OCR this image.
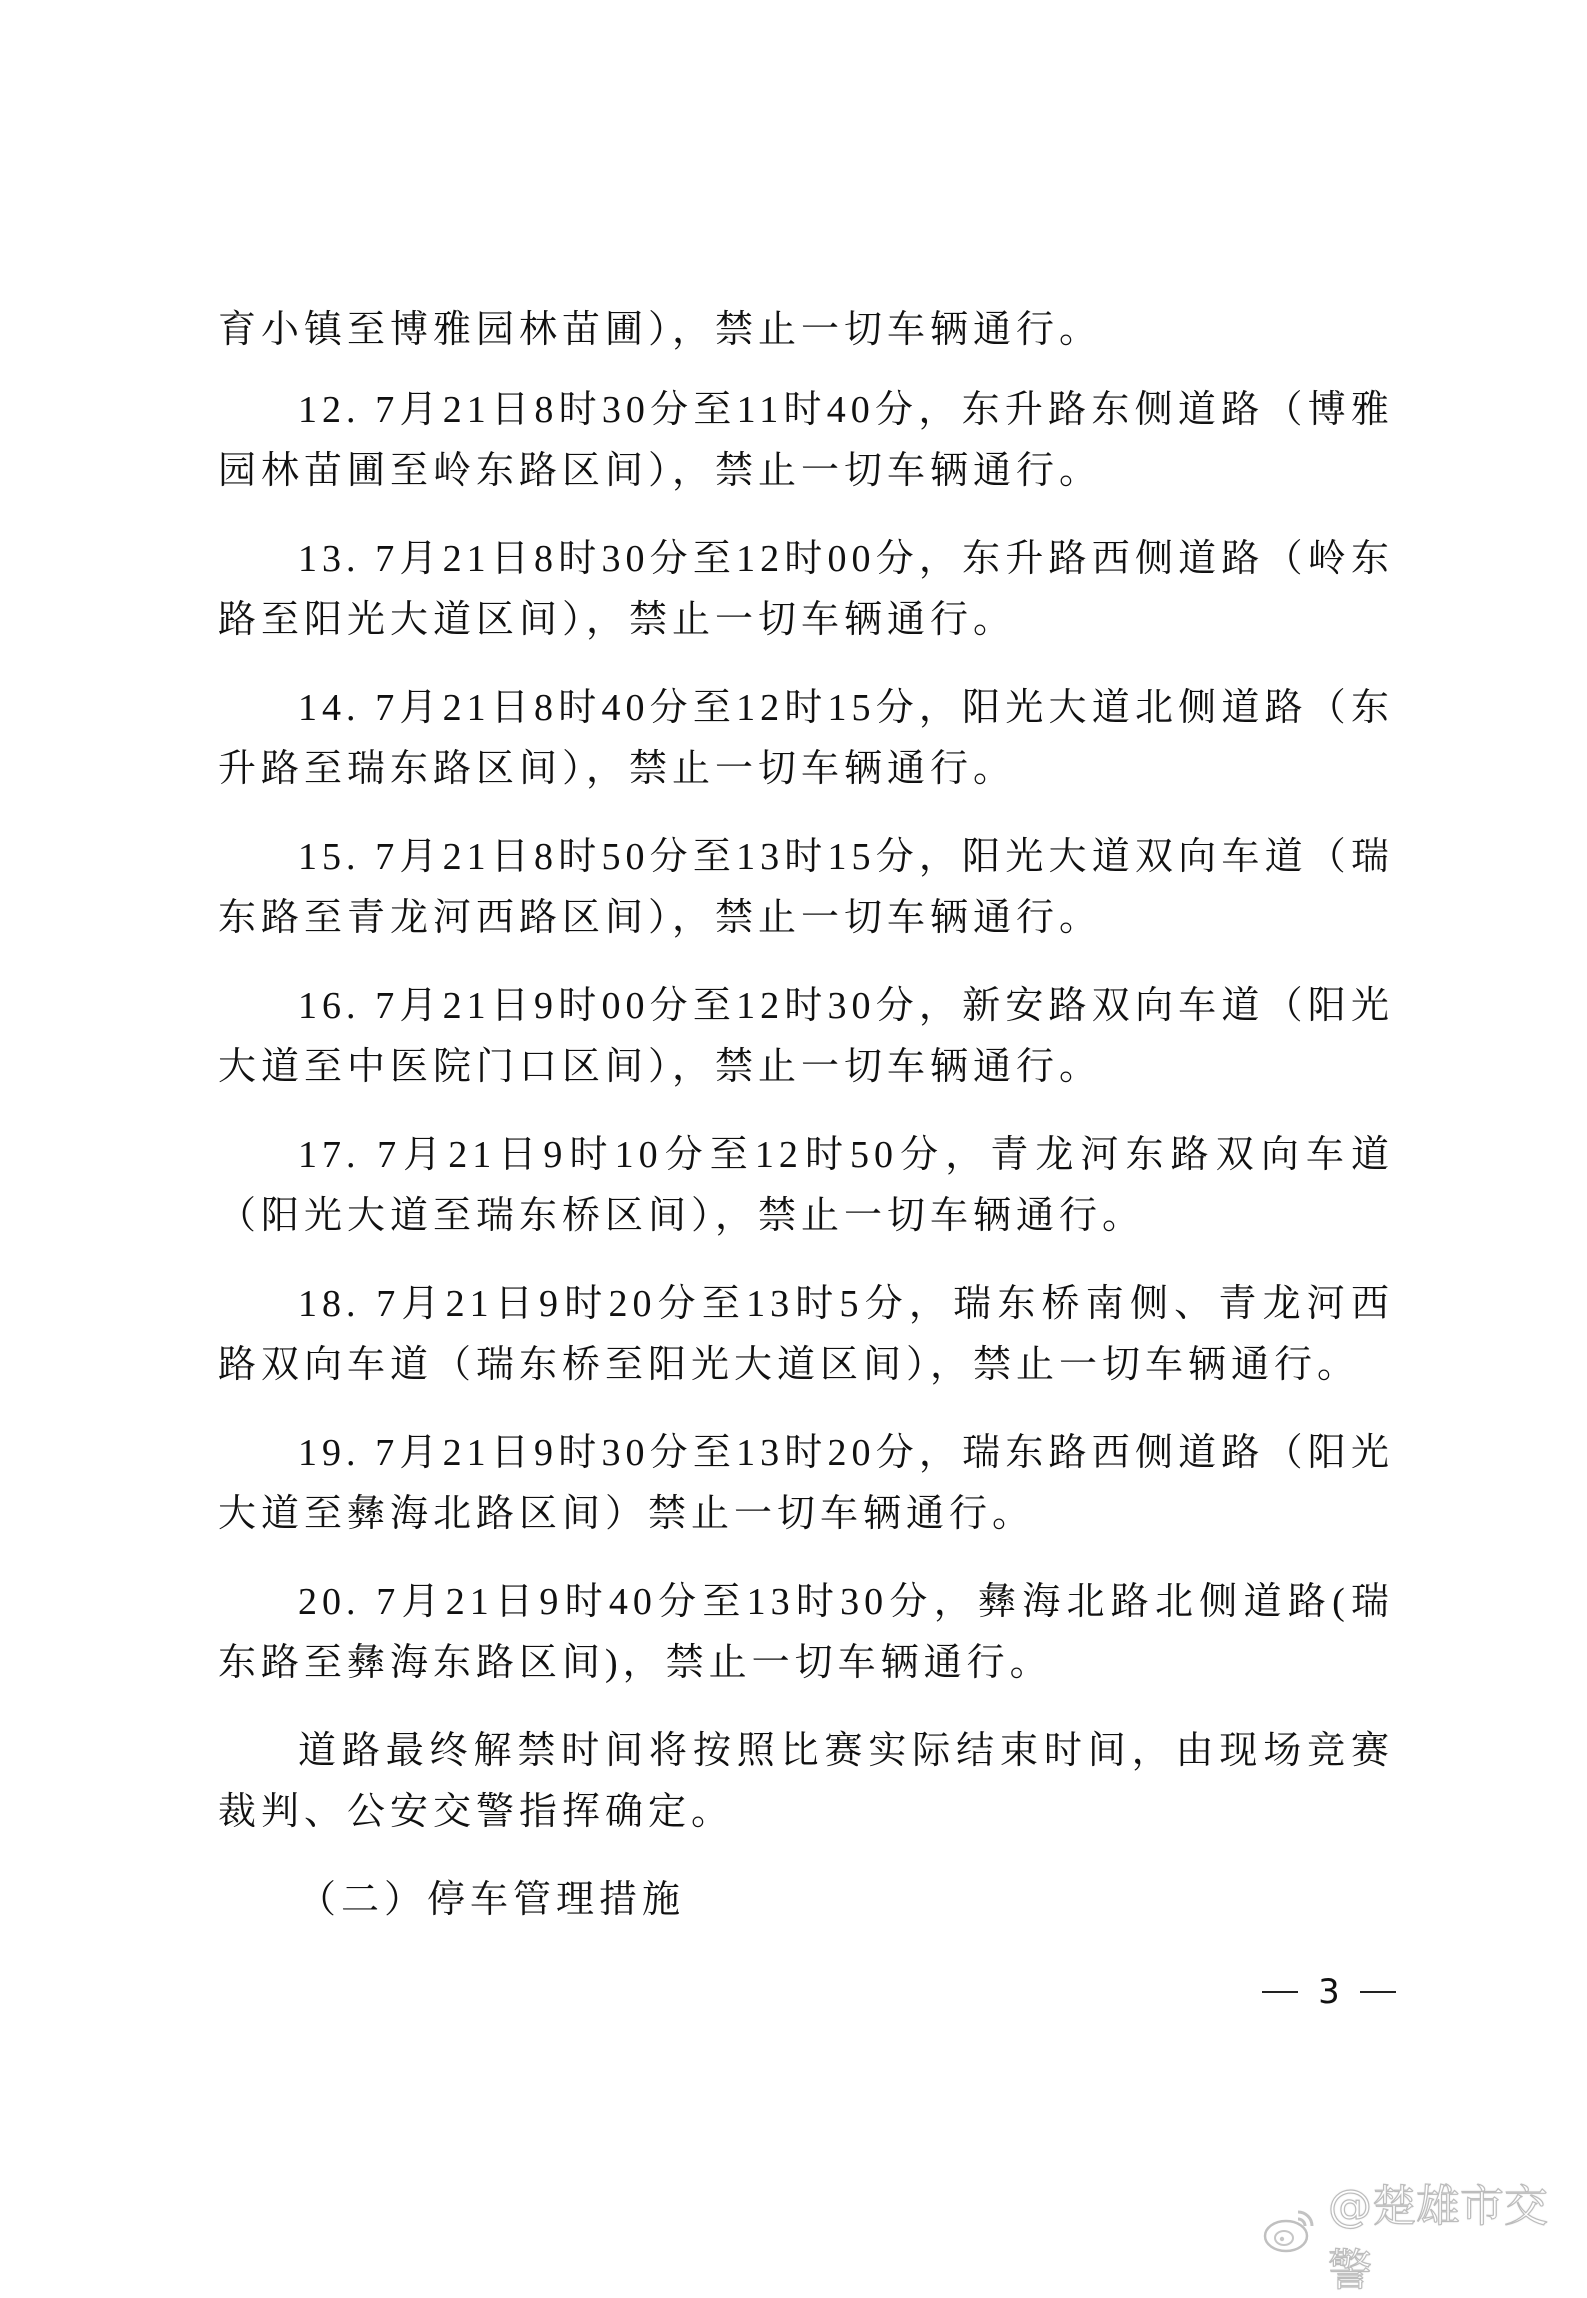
育小镇至博雅园林苗圃），禁止一切车辆通行。

12. 7月21日8时30分至11时40分，东升路东侧道路（博雅园林苗圃至岭东路区间），禁止一切车辆通行。

13. 7月21日8时30分至12时00分，东升路西侧道路（岭东路至阳光大道区间），禁止一切车辆通行。

14. 7月21日8时40分至12时15分，阳光大道北侧道路（东升路至瑞东路区间），禁止一切车辆通行。

15. 7月21日8时50分至13时15分，阳光大道双向车道（瑞东路至青龙河西路区间），禁止一切车辆通行。

16. 7月21日9时00分至12时30分，新安路双向车道（阳光大道至中医院门口区间），禁止一切车辆通行。

17. 7月21日9时10分至12时50分，青龙河东路双向车道（阳光大道至瑞东桥区间），禁止一切车辆通行。

18. 7月21日9时20分至13时5分，瑞东桥南侧、青龙河西路双向车道（瑞东桥至阳光大道区间），禁止一切车辆通行。

19. 7月21日9时30分至13时20分，瑞东路西侧道路（阳光大道至彝海北路区间）禁止一切车辆通行。

20. 7月21日9时40分至13时30分，彝海北路北侧道路(瑞东路至彝海东路区间)，禁止一切车辆通行。

道路最终解禁时间将按照比赛实际结束时间，由现场竞赛裁判、公安交警指挥确定。

（二）停车管理措施

3
@楚雄市交警
